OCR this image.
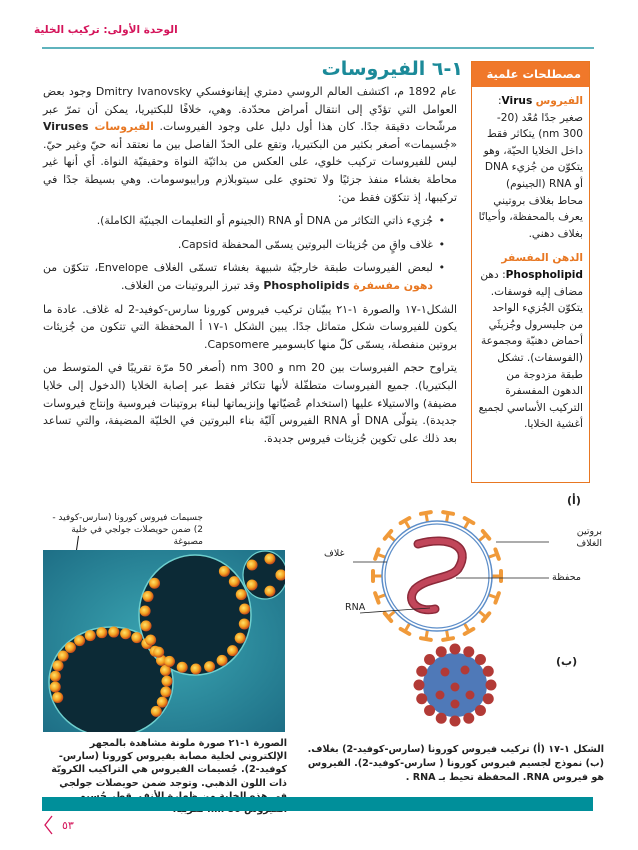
الوحدة الأولى: تركيب الخلية
مصطلحات علمية
الفيروس Virus: صغير جدًا مُعْد (20-300 nm) يتكاثر فقط داخل الخلايا الحيّة، وهو يتكوّن من جُزيء DNA أو RNA (الجينوم) محاط بغلاف بروتيني يعرف بالمحفظة، وأحيانًا بغلاف دهني.
الدهن المفسفر
Phospholipid: دهن مضاف إليه فوسفات. يتكوّن الجُزيء الواحد من جليسرول وجُزيئَي أحماض دهنيّة ومجموعة (الفوسفات). تشكل طبقة مزدوجة من الدهون المفسفرة التركيب الأساسي لجميع أغشية الخلايا.
١-٦ الفيروسات

عام 1892 م، اكتشف العالم الروسي دمتري إيفانوفسكي Dmitry Ivanovsky وجود بعض العوامل التي تؤدّي إلى انتقال أمراض محدّدة. وهي، خلافًا للبكتيريا، يمكن أن تمرّ عبر مرشّحات دقيقة جدًا. كان هذا أول دليل على وجود الفيروسات. الفيروسات Viruses «جُسيمات» أصغر بكثير من البكتيريا، وتقع على الحدّ الفاصل بين ما نعتقد أنه حيّ وغير حيّ. ليس للفيروسات تركيب خلوي، على العكس من بدائيّة النواة وحقيقيّة النواة. أي أنها غير محاطة بغشاء منفذ جزئيًا ولا تحتوي على سيتوبلازم ورايبوسومات. وهي بسيطة جدًا في تركيبها، إذ تتكوّن فقط من:

• جُزيء ذاتي التكاثر من DNA أو RNA (الجينوم أو التعليمات الجينيّة الكاملة).
• غلاف واقٍ من جُزيئات البروتين يسمّى المحفظة Capsid.
• لبعض الفيروسات طبقة خارجيّة شبيهة بغشاء تسمّى الغلاف Envelope، تتكوّن من دهون مفسفرة Phospholipids وقد تبرز البروتينات من الغلاف.

الشكل١-١٧ والصورة ١-٢١ يبيّنان تركيب فيروس كورونا سارس-كوفيد-2 له غلاف. عادة ما يكون للفيروسات شكل متماثل جدًا. يبين الشكل ١-١٧ أ المحفظة التي تتكون من جُزيئات بروتين منفصلة، يسمّى كلّ منها كابسومير Capsomere.

يتراوح حجم الفيروسات بين 20 nm و 300 nm (أصغر 50 مرّة تقريبًا في المتوسط من البكتيريا). جميع الفيروسات متطفّلة لأنها تتكاثر فقط عبر إصابة الخلايا (الدخول إلى خلايا مضيفة) والاستيلاء عليها (استخدام عُضيّاتها وإنزيماتها لبناء بروتينات فيروسية وإنتاج فيروسات جديدة). يتولّى DNA أو RNA الفيروس آليّة بناء البروتين في الخليّة المضيفة، والتي تساعد بعد ذلك على تكوين جُزيئات فيروس جديدة.

جسيمات فيروس كورونا (سارس-كوفيد - 2) ضمن حويصلات جولجي في خلية مصبوغة
الصورة ١-٢١ صورة ملونة مشاهدة بالمجهر الإلكتروني لخلية مصابة بفيروس كورونا (سارس-كوفيد-2). جُسيمات الفيروس هي التراكيب الكرويّة ذات اللون الذهبي. وتوجد ضمن حويصلات جولجي
(أ)
بروتين الغلاف
غلاف
محفظة
RNA
(ب)
الشكل ١-١٧ (أ) تركيب فيروس كورونا (سارس-كوفيد-2) بغلاف. (ب) نموذج لجسيم فيروس كورونا ( سارس-كوفيد-2). الفيروس هو فيروس RNA. المحفظة تحيط بـ RNA .
٥٣
